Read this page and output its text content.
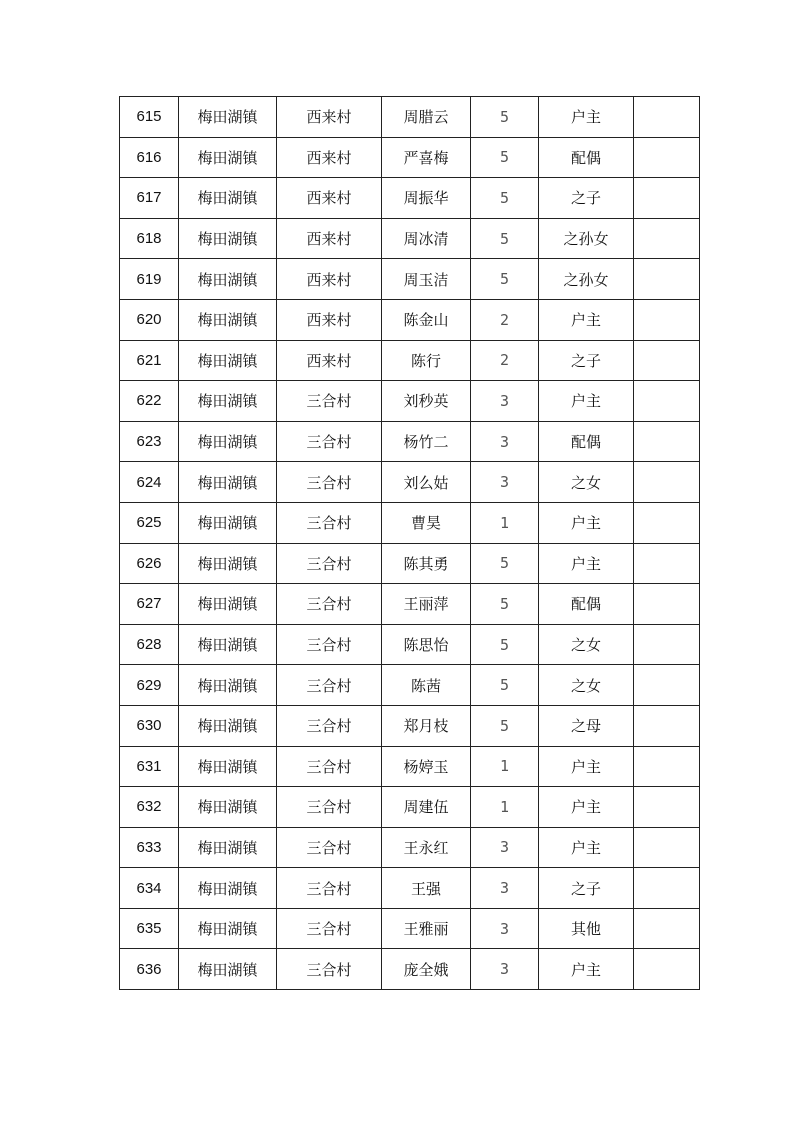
615	梅田湖镇	西来村	周腊云	5	户主	
616	梅田湖镇	西来村	严喜梅	5	配偶	
617	梅田湖镇	西来村	周振华	5	之子	
618	梅田湖镇	西来村	周冰清	5	之孙女	
619	梅田湖镇	西来村	周玉洁	5	之孙女	
620	梅田湖镇	西来村	陈金山	2	户主	
621	梅田湖镇	西来村	陈行	2	之子	
622	梅田湖镇	三合村	刘秒英	3	户主	
623	梅田湖镇	三合村	杨竹二	3	配偶	
624	梅田湖镇	三合村	刘么姑	3	之女	
625	梅田湖镇	三合村	曹昊	1	户主	
626	梅田湖镇	三合村	陈其勇	5	户主	
627	梅田湖镇	三合村	王丽萍	5	配偶	
628	梅田湖镇	三合村	陈思怡	5	之女	
629	梅田湖镇	三合村	陈茜	5	之女	
630	梅田湖镇	三合村	郑月枝	5	之母	
631	梅田湖镇	三合村	杨婷玉	1	户主	
632	梅田湖镇	三合村	周建伍	1	户主	
633	梅田湖镇	三合村	王永红	3	户主	
634	梅田湖镇	三合村	王强	3	之子	
635	梅田湖镇	三合村	王雅丽	3	其他	
636	梅田湖镇	三合村	庞全娥	3	户主	
